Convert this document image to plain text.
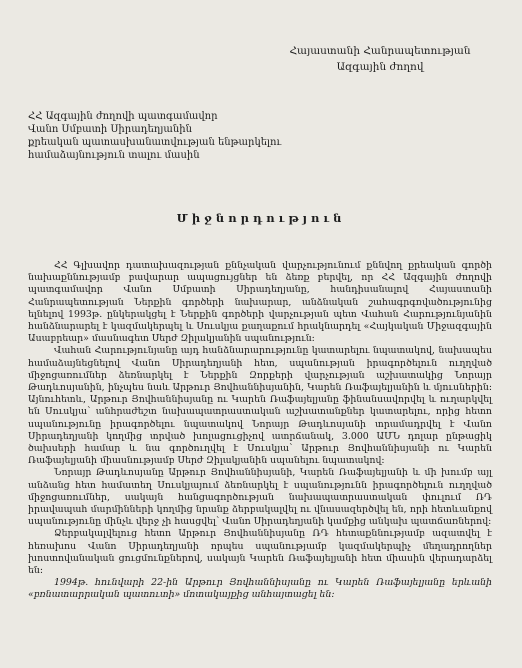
Հայաստանի Հանրապետության
Ազգային ժողով
ՀՀ Ազգային ժողովի պատգամավոր
Վանո Սմբատի Սիրադեղյանին
քրեական պատասխանատվության ենթարկելու
համաձայնություն տալու մասին
Միջնորդություն

ՀՀ Գլխավոր դատախազության քննչական վարչությունում քննվող քրեական գործի նախաքննությամբ բավարար ապացույցներ են ձեռք բերվել, որ ՀՀ Ազգային ժողովի պատգամավոր Վանո Սմբատի Սիրադեղյանը, հանդիսանալով Հայաստանի Հանրապետության Ներքին գործերի նախարար, անձնական շահագրգռվածությունից ելնելով 1993թ. ընկերակցել է Ներքին գործերի վարչության պետ Վահան Հարությունյանին հանձնարարել է կազմակերպել և Սուսկյա քաղաքում հրակնարդել «Հայկական Միջազգային Ասաբրեար» մասնագետ Սերժ Զիլակյանին սպանություն:

Վահան Հարությունյանը այդ հանձնարարությունը կատարելու նպատակով, նախապես համաձայնեցնելով Վանո Սիրադեղյանի հետ, սպանության իրագործելուն ուղղված միջոցառումներ ձեռնարկել է Ներքին Զորքերի վարչության աշխատակից Նորայր Թադևոսյանին, ինչպես նաև Արթուր Յովհաննիսյանին, Կարեն Ռաֆայելյանին և մյուսներին: Այնուհետև, Արթուր Յովհաննիսյանը ու Կարեն Ռաֆայելյանը ֆինանսավորվել և ուղարկվել են Սուսկյա՝ անհրաժեշտ նախապատրաստական աշխատանքներ կատարելու, որից հետո սպանությունը իրագործելու նպատակով Նորայր Թադևոսյանի տրամադրվել է Վանո Սիրադեղյանի կողմից տրված խոլացուցիչով ատրճանակ, 3.000 ԱՄՆ դոլար ընթացիկ ծախսերի համար և նա գործուղվել է Սուսկյա՝ Արթուր Յովհաննիսյանի ու Կարեն Ռաֆայելյանի միասնությամբ Սերժ Զիլակյանին սպանելու նպատակով:

Նորայր Թադևոսյանը Արթուր Յովհաննիսյանի, Կարեն Ռաֆայելյանի և մի խումբ այլ անձանց հետ համատեղ Սուսկյայում ձեռնարկել է սպանությունն իրագործելուն ուղղված միջոցառումներ, սակայն հանցագործության նախապատրաստական փուլում ՌԴ իրավապահ մարմինների կողմից նրանք ձերբակալվել ու վնասազերծվել են, որի հետևանքով սպանությունը մինչև վերջ չի հասցվել՝ Վանո Սիրադեղյանի կամքից անկախ պատճառներով:

Ձերբակալվելուց հետո Արթուր Յովհաննիսյանը ՌԴ հետաքննությամբ ազատվել է հեռախոս Վանո Սիրադեղյանի որպես սպանությամբ կազմակերպիչ մեղադրողներ խոստովանական ցուցմունքներով, սակայն Կարեն Ռաֆայելյանի հետ միասին վերադարձել են:

1994թ. հունվարի 22-ին Արթուր Յովհաննիսյանը ու Կարեն Ռաֆայելյանը երևանի «բռնատարրական պատուտի» մոտակայքից անհայտացել են:
